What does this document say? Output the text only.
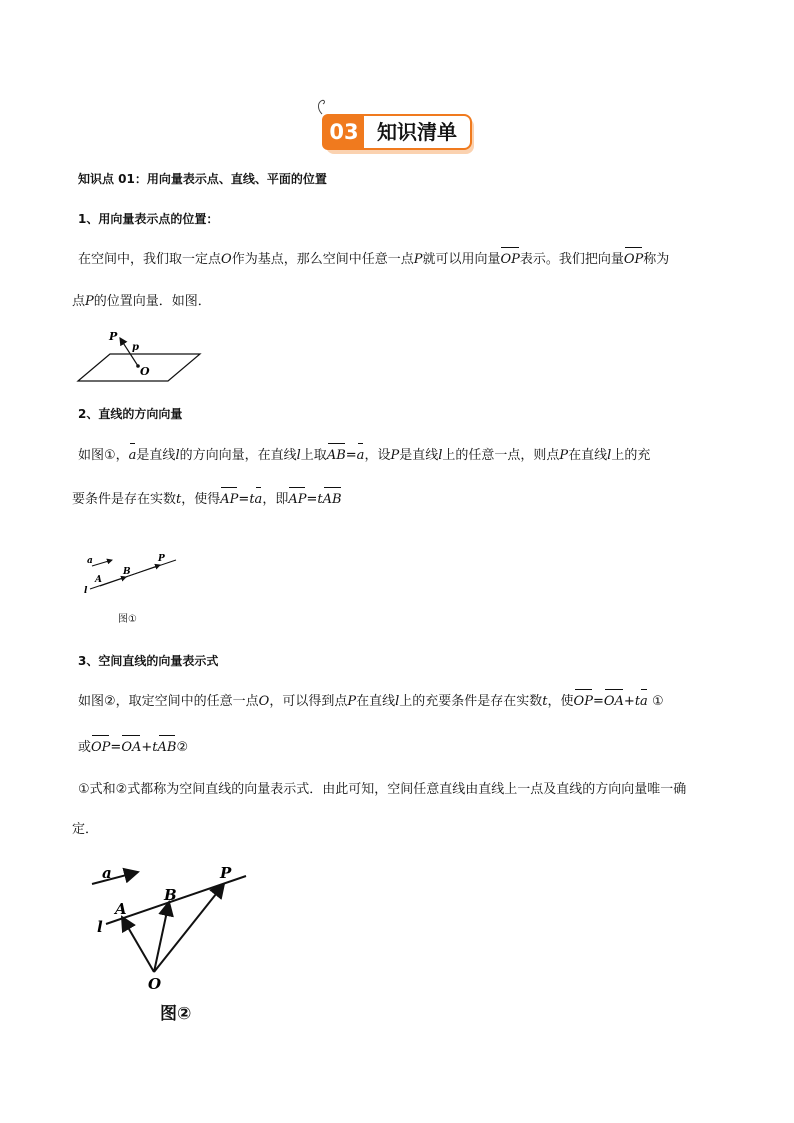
03 知识清单
知识点 01：用向量表示点、直线、平面的位置
1、用向量表示点的位置：
在空间中，我们取一定点O作为基点，那么空间中任意一点P就可以用向量OP表示。我们把向量OP称为
点P的位置向量．如图．
P
p
O
2、直线的方向向量
如图①，a是直线l的方向向量，在直线l上取AB=a，设P是直线l上的任意一点，则点P在直线l上的充
要条件是存在实数t，使得AP=ta，即AP=tAB
a	P
B
A
l
图①
3、空间直线的向量表示式
如图②，取定空间中的任意一点O，可以得到点P在直线l上的充要条件是存在实数t，使OP=OA+ta ①
或OP=OA+tAB②
①式和②式都称为空间直线的向量表示式．由此可知，空间任意直线由直线上一点及直线的方向向量唯一确
定．
a	P
B
A
l
O
图②
